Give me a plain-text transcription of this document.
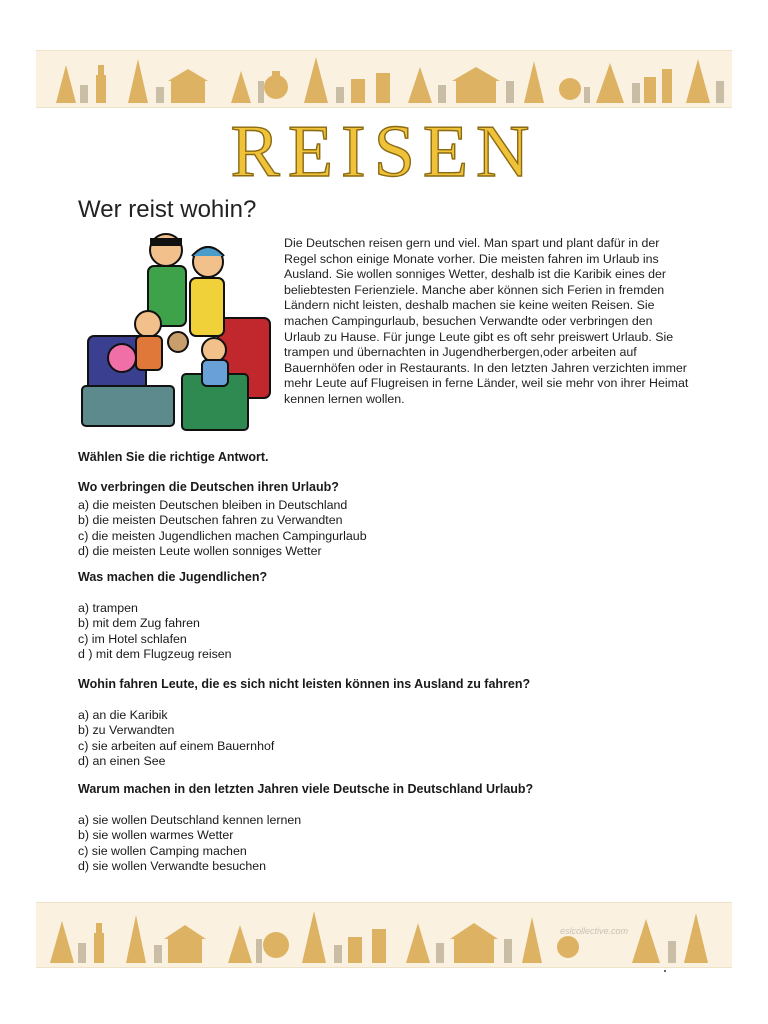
REISEN
Wer reist wohin?

Die Deutschen reisen gern und viel. Man spart und plant dafür in der Regel schon einige Monate vorher. Die meisten fahren im Urlaub ins Ausland. Sie wollen sonniges Wetter, deshalb ist die Karibik eines der beliebtesten Ferienziele. Manche aber können sich Ferien in fremden Ländern nicht leisten, deshalb machen sie keine weiten Reisen. Sie machen Campingurlaub, besuchen Verwandte oder verbringen den Urlaub zu Hause. Für junge Leute gibt es oft sehr preiswert Urlaub. Sie trampen und übernachten in Jugendherbergen,oder arbeiten auf Bauernhöfen oder in Restaurants. In den letzten Jahren verzichten immer mehr Leute auf Flugreisen in ferne Länder, weil sie mehr von ihrer Heimat kennen lernen wollen.

Wählen Sie die richtige Antwort.

Wo verbringen die Deutschen ihren Urlaub?

a) die meisten Deutschen bleiben in Deutschland
b) die meisten Deutschen fahren zu Verwandten
c) die meisten Jugendlichen machen Campingurlaub
d) die meisten Leute wollen sonniges Wetter

Was machen die Jugendlichen?

a) trampen
b) mit dem Zug fahren
c) im Hotel schlafen
d ) mit dem Flugzeug reisen

Wohin fahren Leute, die es sich nicht leisten können ins Ausland zu fahren?

a) an die Karibik
b) zu Verwandten
c) sie arbeiten auf einem Bauernhof
d) an einen See

Warum machen in den letzten Jahren viele Deutsche in Deutschland Urlaub?

a) sie wollen Deutschland kennen lernen
b) sie wollen warmes Wetter
c) sie wollen Camping machen
d) sie wollen Verwandte besuchen
eslcollective.com
